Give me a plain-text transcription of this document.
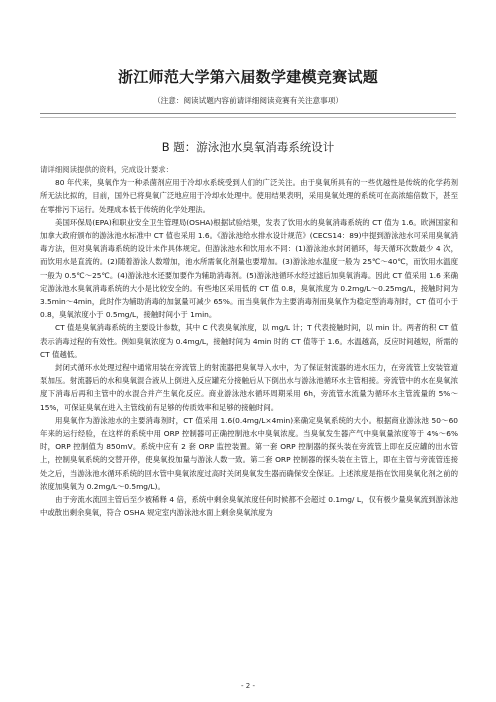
浙江师范大学第六届数学建模竞赛试题
（注意：阅读试题内容前请详细阅读竞赛有关注意事项）
B 题：游泳池水臭氧消毒系统设计

请详细阅读提供的资料，完成设计要求：

80 年代来，臭氧作为一种杀菌剂应用于冷却水系统受到人们的广泛关注。由于臭氧所具有的一些优越性是传统的化学药剂所无法比拟的，目前，国外已将臭氧广泛地应用于冷却水处理中。使用结果表明，采用臭氧处理的系统可在高浓缩倍数下，甚至在零排污下运行。处理成本低于传统的化学处理法。

美国环保局(EPA)和职业安全卫生管理局(OSHA)根据试验结果，发表了饮用水的臭氧消毒系统的 CT 值为 1.6。欧洲国家和加拿大政府颁布的游泳池水标准中 CT 值也采用 1.6。《游泳池给水排水设计规范》(CECS14：89)中提到游泳池水可采用臭氧消毒方法，但对臭氧消毒系统的设计未作具体规定。但游泳池水和饮用水不同：(1)游泳池水封闭循环，每天循环次数最少 4 次，而饮用水是直流的。(2)随着游泳人数增加，池水所需氧化剂量也要增加。(3)游泳池水温度一般为 25℃～40℃，而饮用水温度一般为 0.5℃～25℃。(4)游泳池水还要加要作为辅助消毒剂。(5)游泳池循环水经过滤后加臭氧消毒。因此 CT 值采用 1.6 来确定游泳池水臭氧消毒系统的大小是比较安全的。有些地区采用低的 CT 值 0.8，臭氧浓度为 0.2mg/L～0.25mg/L，接触时间为 3.5min～4min，此时作为辅助消毒的加氯量可减少 65%。而当臭氧作为主要消毒剂而臭氧作为稳定型消毒剂时，CT 值可小于 0.8，臭氧浓度小于 0.5mg/L，接触时间小于 1min。

CT 值是臭氧消毒系统的主要设计参数，其中 C 代表臭氧浓度，以 mg/L 计；T 代表接触时间，以 min 计。两者的积 CT 值表示消毒过程的有效性。例如臭氧浓度为 0.4mg/L，接触时间为 4min 时的 CT 值等于 1.6。水温越高，反应时间越短，所需的 CT 值越低。

封闭式循环水处理过程中通常用装在旁流管上的射流器把臭氧导入水中，为了保证射流器的进水压力，在旁流管上安装管道泵加压。射流器后的水和臭氧混合液从上倒进入反应罐充分接触后从下倒出水与游泳池循环水主管相接。旁流管中的水在臭氧浓度下消毒后再和主管中的水混合并产生氧化反应。商业游泳池水循环周期采用 6h，旁流管水流量为循环水主管流量的 5%～15%，可保证臭氧在进入主管线前有足够的传质效率和足够的接触时间。

用臭氧作为游泳池水的主要消毒剂时，CT 值采用 1.6(0.4mg/L×4min)来确定臭氧系统的大小。根据商业游泳池 50～60 年来的运行经验，在这样的系统中用 ORP 控制器可正确控制池水中臭氧浓度。当臭氧发生器产气中臭氧量浓度等于 4%～6%时，ORP 控制值为 850mV。系统中应有 2 套 ORP 监控装置。第一套 ORP 控制器的探头装在旁流管上即在反应罐的出水管上，控制臭氧系统的交替开停，使臭氧投加量与游泳人数一致。第二套 ORP 控制器的探头装在主管上，即在主管与旁流管连接处之后，当游泳池水循环系统的回水管中臭氧浓度过高时关闭臭氧发生器而确保安全保证。上述浓度是指在饮用臭氧化剂之前的浓度加臭氧为 0.2mg/L～0.5mg/L)。

由于旁流水流回主管后至少被稀释 4 倍，系统中剩余臭氧浓度任何时候都不会超过 0.1mg/ L，仅有极少量臭氧流到游泳池中或散出剩余臭氧，符合 OSHA 规定室内游泳池水面上剩余臭氧浓度为

- 2 -
